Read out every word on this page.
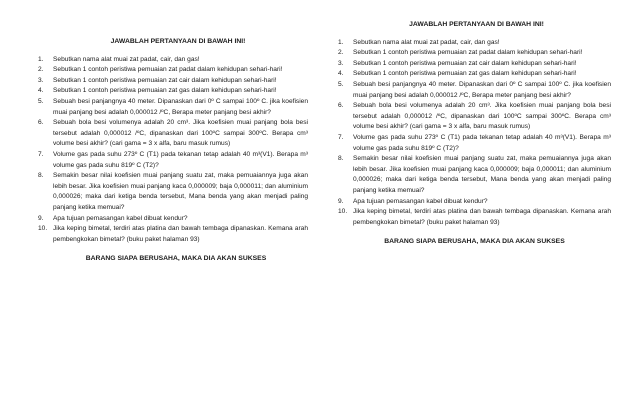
JAWABLAH PERTANYAAN DI BAWAH INI!
1.	Sebutkan nama alat muai zat padat, cair, dan gas!
2.	Sebutkan 1 contoh peristiwa pemuaian zat padat dalam kehidupan sehari-hari!
3.	Sebutkan 1 contoh peristiwa pemuaian zat cair dalam kehidupan sehari-hari!
4.	Sebutkan 1 contoh peristiwa pemuaian zat gas dalam kehidupan sehari-hari!
5.	Sebuah besi panjangnya 40 meter. Dipanaskan dari 0º C sampai 100º C. jika koefisien muai panjang besi adalah 0,000012 /ºC, Berapa meter panjang besi akhir?
6.	Sebuah bola besi volumenya adalah 20 cm³. Jika koefisien muai panjang bola besi tersebut adalah 0,000012 /ºC, dipanaskan dari 100ºC sampai 300ºC. Berapa cm³ volume besi akhir? (cari gama = 3 x alfa, baru masuk rumus)
7.	Volume gas pada suhu 273º C (T1) pada tekanan tetap adalah 40 m³(V1). Berapa m³ volume gas pada suhu 819º C (T2)?
8.	Semakin besar nilai koefisien muai panjang suatu zat, maka pemuaiannya juga akan lebih besar. Jika koefisien muai panjang kaca 0,000009; baja 0,000011; dan aluminium 0,000026; maka dari ketiga benda tersebut, Mana benda yang akan menjadi paling panjang ketika memuai?
9.	Apa tujuan pemasangan kabel dibuat kendur?
10. Jika keping bimetal, terdiri atas platina dan bawah tembaga dipanaskan. Kemana arah pembengkokan bimetal? (buku paket halaman 93)
BARANG SIAPA BERUSAHA, MAKA DIA AKAN SUKSES
JAWABLAH PERTANYAAN DI BAWAH INI!
1.	Sebutkan nama alat muai zat padat, cair, dan gas!
2.	Sebutkan 1 contoh peristiwa pemuaian zat padat dalam kehidupan sehari-hari!
3.	Sebutkan 1 contoh peristiwa pemuaian zat cair dalam kehidupan sehari-hari!
4.	Sebutkan 1 contoh peristiwa pemuaian zat gas dalam kehidupan sehari-hari!
5.	Sebuah besi panjangnya 40 meter. Dipanaskan dari 0º C sampai 100º C. jika koefisien muai panjang besi adalah 0,000012 /ºC, Berapa meter panjang besi akhir?
6.	Sebuah bola besi volumenya adalah 20 cm³. Jika koefisien muai panjang bola besi tersebut adalah 0,000012 /ºC, dipanaskan dari 100ºC sampai 300ºC. Berapa cm³ volume besi akhir? (cari gama = 3 x alfa, baru masuk rumus)
7.	Volume gas pada suhu 273º C (T1) pada tekanan tetap adalah 40 m³(V1). Berapa m³ volume gas pada suhu 819º C (T2)?
8.	Semakin besar nilai koefisien muai panjang suatu zat, maka pemuaiannya juga akan lebih besar. Jika koefisien muai panjang kaca 0,000009; baja 0,000011; dan aluminium 0,000026; maka dari ketiga benda tersebut, Mana benda yang akan menjadi paling panjang ketika memuai?
9.	Apa tujuan pemasangan kabel dibuat kendur?
10. Jika keping bimetal, terdiri atas platina dan bawah tembaga dipanaskan. Kemana arah pembengkokan bimetal? (buku paket halaman 93)
BARANG SIAPA BERUSAHA, MAKA DIA AKAN SUKSES
